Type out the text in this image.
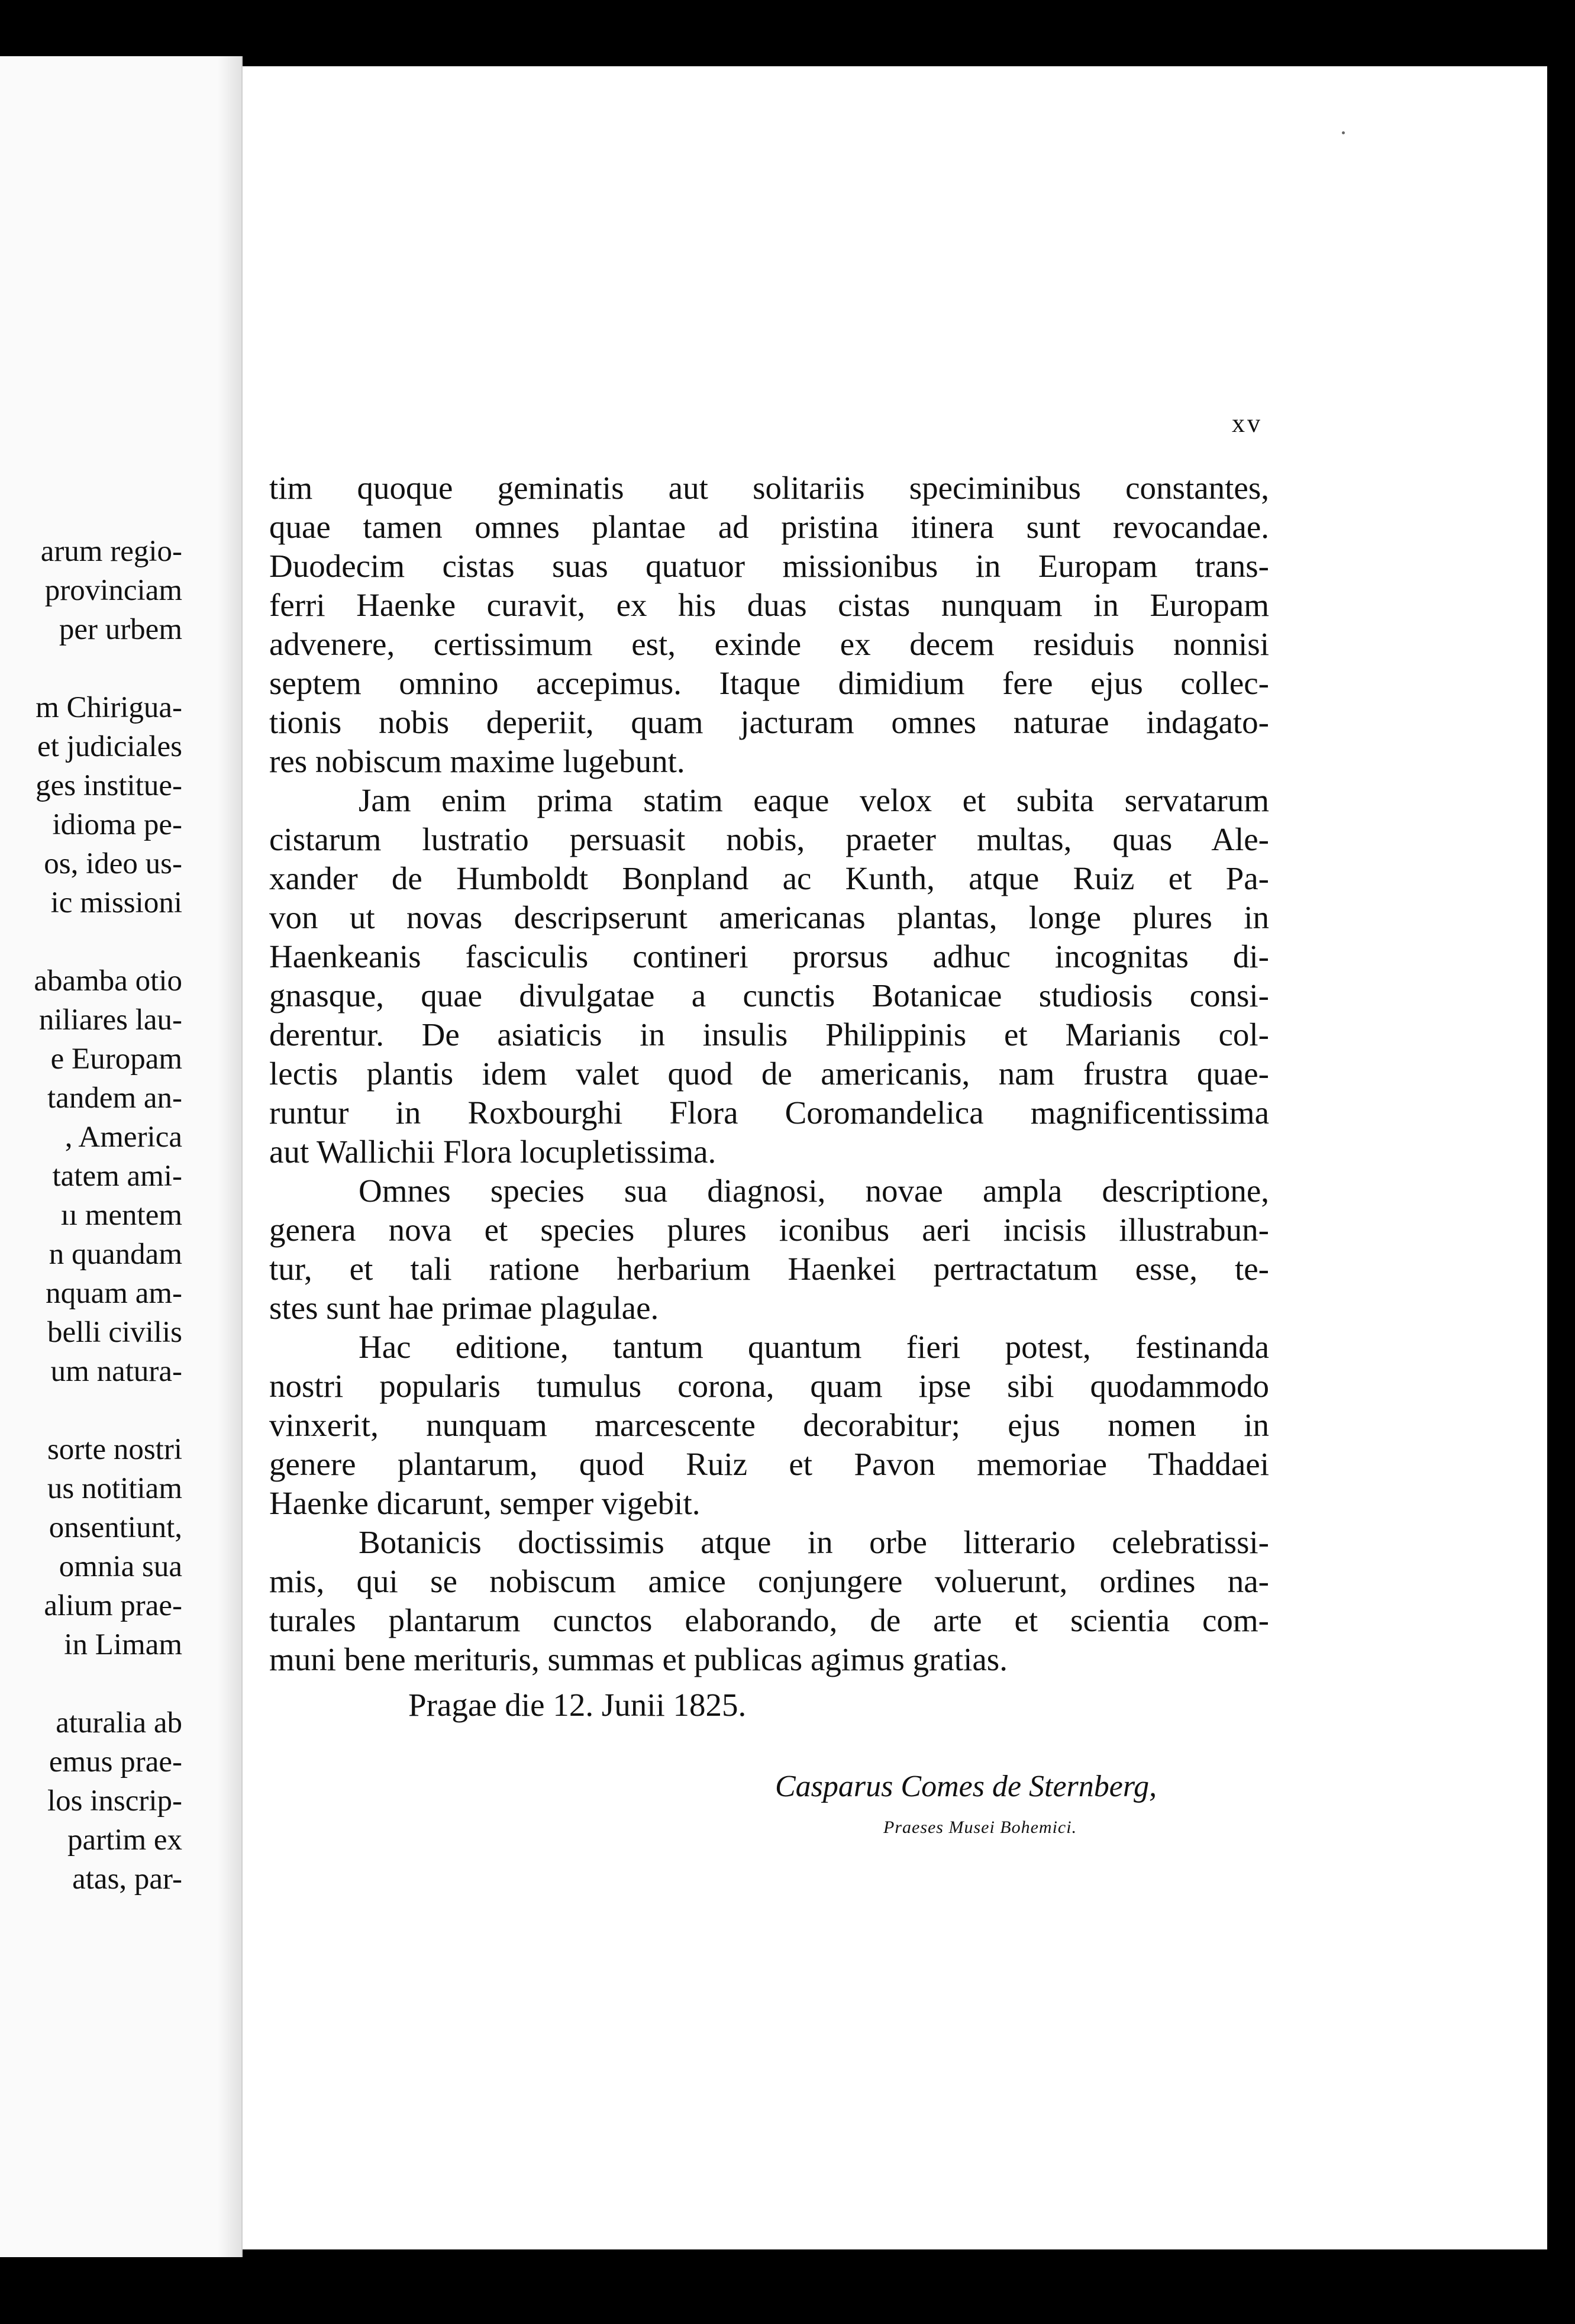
arum regio-
provinciam
per urbem
m Chirigua-
et judiciales
ges institue-
idioma pe-
os, ideo us-
ic missioni
abamba otio
niliares lau-
e Europam
tandem an-
, America
tatem ami-
ıı mentem
n quandam
nquam am-
belli civilis
um natura-
sorte nostri
us notitiam
onsentiunt,
omnia sua
alium prae-
in Limam
aturalia ab
emus prae-
los inscrip-
partim ex
atas, par-
xv
tim quoque geminatis aut solitariis speciminibus constantes,
quae tamen omnes plantae ad pristina itinera sunt revocandae.
Duodecim cistas suas quatuor missionibus in Europam trans-
ferri Haenke curavit, ex his duas cistas nunquam in Europam
advenere, certissimum est, exinde ex decem residuis nonnisi
septem omnino accepimus. Itaque dimidium fere ejus collec-
tionis nobis deperiit, quam jacturam omnes naturae indagato-
res nobiscum maxime lugebunt.
Jam enim prima statim eaque velox et subita servatarum
cistarum lustratio persuasit nobis, praeter multas, quas Ale-
xander de Humboldt Bonpland ac Kunth, atque Ruiz et Pa-
von ut novas descripserunt americanas plantas, longe plures in
Haenkeanis fasciculis contineri prorsus adhuc incognitas di-
gnasque, quae divulgatae a cunctis Botanicae studiosis consi-
derentur. De asiaticis in insulis Philippinis et Marianis col-
lectis plantis idem valet quod de americanis, nam frustra quae-
runtur in Roxbourghi Flora Coromandelica magnificentissima
aut Wallichii Flora locupletissima.
Omnes species sua diagnosi, novae ampla descriptione,
genera nova et species plures iconibus aeri incisis illustrabun-
tur, et tali ratione herbarium Haenkei pertractatum esse, te-
stes sunt hae primae plagulae.
Hac editione, tantum quantum fieri potest, festinanda
nostri popularis tumulus corona, quam ipse sibi quodammodo
vinxerit, nunquam marcescente decorabitur; ejus nomen in
genere plantarum, quod Ruiz et Pavon memoriae Thaddaei
Haenke dicarunt, semper vigebit.
Botanicis doctissimis atque in orbe litterario celebratissi-
mis, qui se nobiscum amice conjungere voluerunt, ordines na-
turales plantarum cunctos elaborando, de arte et scientia com-
muni bene merituris, summas et publicas agimus gratias.
Pragae die 12. Junii 1825.
Casparus Comes de Sternberg,
Praeses Musei Bohemici.
